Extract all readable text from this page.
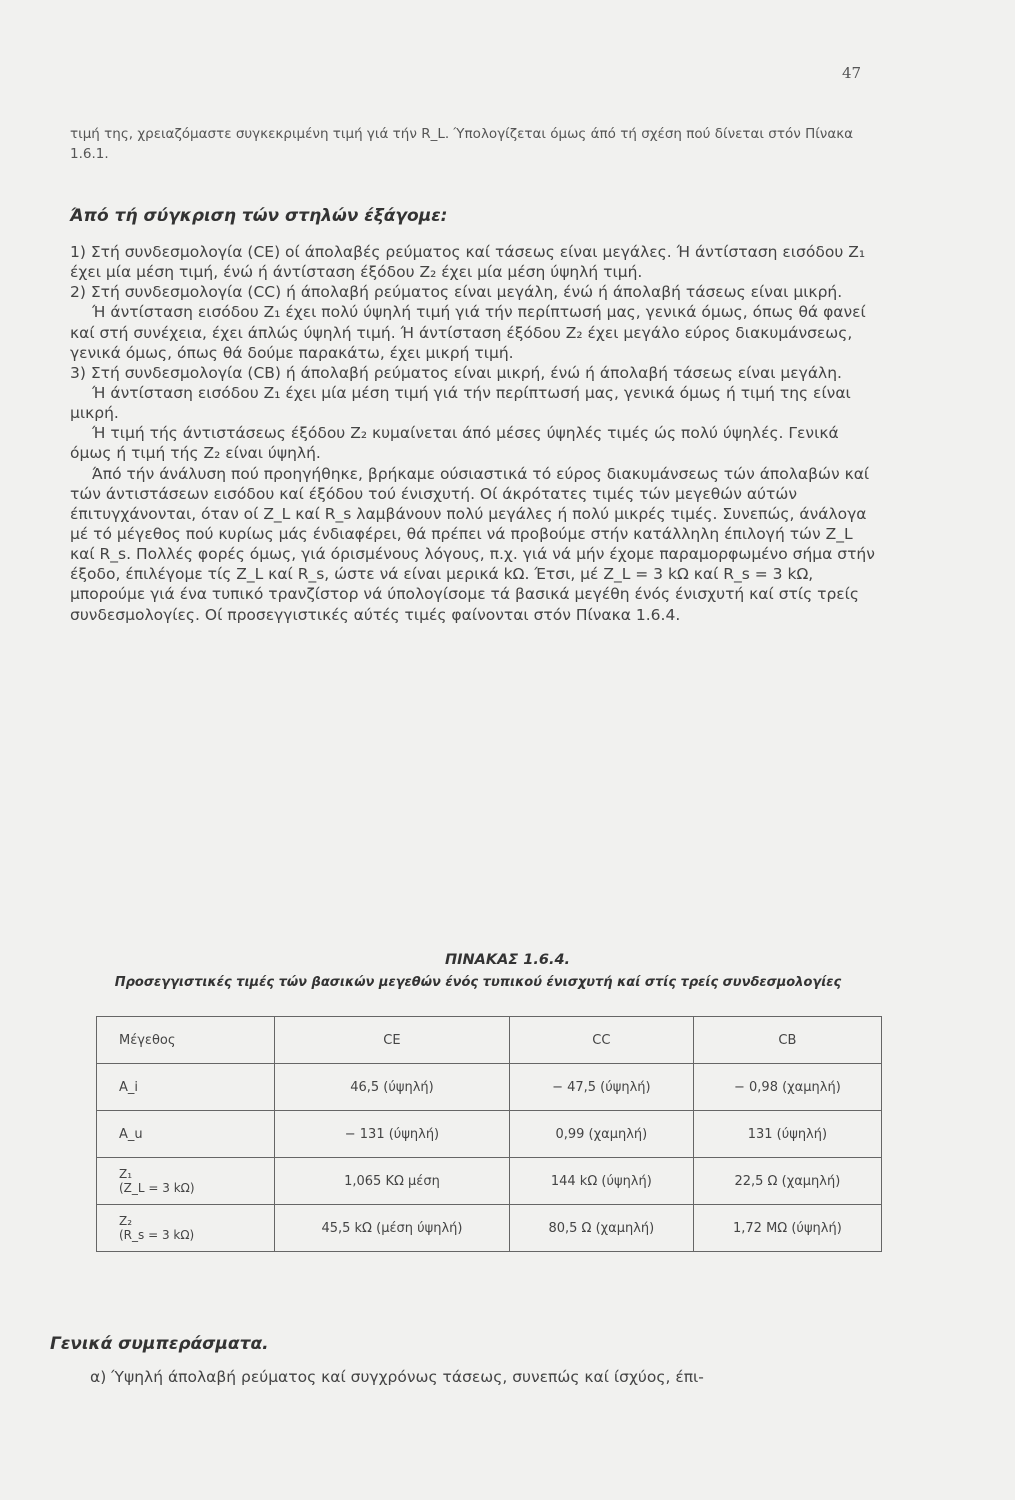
47
τιμή της, χρειαζόμαστε συγκεκριμένη τιμή γιά τήν R_L. Ύπολογίζεται όμως άπό τή σχέση πού δίνεται στόν Πίνακα 1.6.1.
Άπό τή σύγκριση τών στηλών έξάγομε:

1) Στή συνδεσμολογία (CE) οί άπολαβές ρεύματος καί τάσεως είναι μεγάλες. Ή άντίσταση εισόδου Z₁ έχει μία μέση τιμή, ένώ ή άντίσταση έξόδου Z₂ έχει μία μέση ύψηλή τιμή.

2) Στή συνδεσμολογία (CC) ή άπολαβή ρεύματος είναι μεγάλη, ένώ ή άπολαβή τάσεως είναι μικρή.

Ή άντίσταση εισόδου Z₁ έχει πολύ ύψηλή τιμή γιά τήν περίπτωσή μας, γενικά όμως, όπως θά φανεί καί στή συνέχεια, έχει άπλώς ύψηλή τιμή. Ή άντίσταση έξόδου Z₂ έχει μεγάλο εύρος διακυμάνσεως, γενικά όμως, όπως θά δούμε παρακάτω, έχει μικρή τιμή.

3) Στή συνδεσμολογία (CB) ή άπολαβή ρεύματος είναι μικρή, ένώ ή άπολαβή τάσεως είναι μεγάλη.

Ή άντίσταση εισόδου Z₁ έχει μία μέση τιμή γιά τήν περίπτωσή μας, γενικά όμως ή τιμή της είναι μικρή.

Ή τιμή τής άντιστάσεως έξόδου Z₂ κυμαίνεται άπό μέσες ύψηλές τιμές ώς πολύ ύψηλές. Γενικά όμως ή τιμή τής Z₂ είναι ύψηλή.

Άπό τήν άνάλυση πού προηγήθηκε, βρήκαμε ούσιαστικά τό εύρος διακυμάνσεως τών άπολαβών καί τών άντιστάσεων εισόδου καί έξόδου τού ένισχυτή. Οί άκρότατες τιμές τών μεγεθών αύτών έπιτυγχάνονται, όταν οί Z_L καί R_s λαμβάνουν πολύ μεγάλες ή πολύ μικρές τιμές. Συνεπώς, άνάλογα μέ τό μέγεθος πού κυρίως μάς ένδιαφέρει, θά πρέπει νά προβούμε στήν κατάλληλη έπιλογή τών Z_L καί R_s. Πολλές φορές όμως, γιά όρισμένους λόγους, π.χ. γιά νά μήν έχομε παραμορφωμένο σήμα στήν έξοδο, έπιλέγομε τίς Z_L καί R_s, ώστε νά είναι μερικά kΩ. Έτσι, μέ Z_L = 3 kΩ καί R_s = 3 kΩ, μπορούμε γιά ένα τυπικό τρανζίστορ νά ύπολογίσομε τά βασικά μεγέθη ένός ένισχυτή καί στίς τρείς συνδεσμολογίες. Οί προσεγγιστικές αύτές τιμές φαίνονται στόν Πίνακα 1.6.4.

ΠΙΝΑΚΑΣ 1.6.4.
Προσεγγιστικές τιμές τών βασικών μεγεθών ένός τυπικού ένισχυτή καί στίς τρείς συνδεσμολογίες
Μέγεθος	CE	CC	CB
A_i	46,5 (ύψηλή)	− 47,5 (ύψηλή)	− 0,98 (χαμηλή)
A_u	− 131 (ύψηλή)	0,99 (χαμηλή)	131 (ύψηλή)

Z₁
(Z_L = 3 kΩ)	1,065 KΩ μέση	144 kΩ (ύψηλή)	22,5 Ω (χαμηλή)

Z₂
(R_s = 3 kΩ)	45,5 kΩ (μέση ύψηλή)	80,5 Ω (χαμηλή)	1,72 MΩ (ύψηλή)
Γενικά συμπεράσματα.
α) Ύψηλή άπολαβή ρεύματος καί συγχρόνως τάσεως, συνεπώς καί ίσχύος, έπι-
